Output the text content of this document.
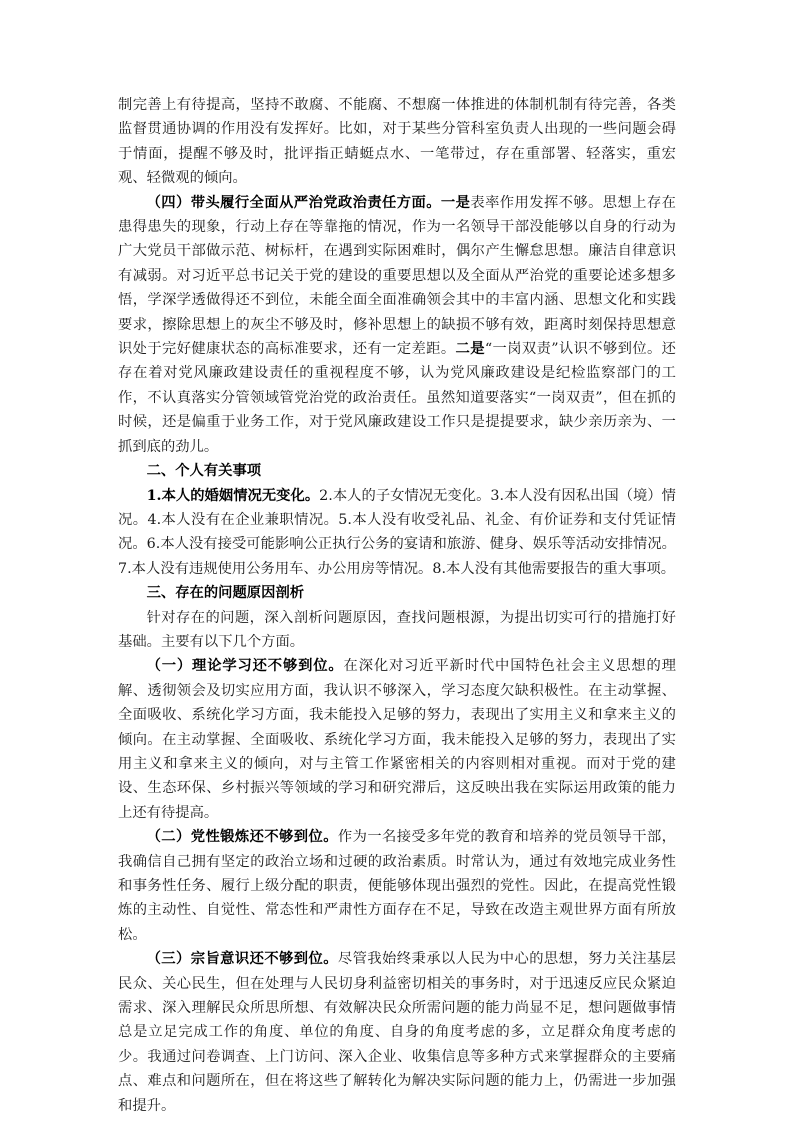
制完善上有待提高，坚持不敢腐、不能腐、不想腐一体推进的体制机制有待完善，各类监督贯通协调的作用没有发挥好。比如，对于某些分管科室负责人出现的一些问题会碍于情面，提醒不够及时，批评指正蜻蜓点水、一笔带过，存在重部署、轻落实，重宏观、轻微观的倾向。

（四）带头履行全面从严治党政治责任方面。一是表率作用发挥不够。思想上存在患得患失的现象，行动上存在等靠拖的情况，作为一名领导干部没能够以自身的行动为广大党员干部做示范、树标杆，在遇到实际困难时，偶尔产生懈怠思想。廉洁自律意识有减弱。对习近平总书记关于党的建设的重要思想以及全面从严治党的重要论述多想多悟，学深学透做得还不到位，未能全面全面准确领会其中的丰富内涵、思想文化和实践要求，擦除思想上的灰尘不够及时，修补思想上的缺损不够有效，距离时刻保持思想意识处于完好健康状态的高标准要求，还有一定差距。二是“一岗双责”认识不够到位。还存在着对党风廉政建设责任的重视程度不够，认为党风廉政建设是纪检监察部门的工作，不认真落实分管领域管党治党的政治责任。虽然知道要落实“一岗双责”，但在抓的时候，还是偏重于业务工作，对于党风廉政建设工作只是提提要求，缺少亲历亲为、一抓到底的劲儿。

二、个人有关事项

1.本人的婚姻情况无变化。2.本人的子女情况无变化。3.本人没有因私出国（境）情况。4.本人没有在企业兼职情况。5.本人没有收受礼品、礼金、有价证券和支付凭证情况。6.本人没有接受可能影响公正执行公务的宴请和旅游、健身、娱乐等活动安排情况。7.本人没有违规使用公务用车、办公用房等情况。8.本人没有其他需要报告的重大事项。

三、存在的问题原因剖析

针对存在的问题，深入剖析问题原因，查找问题根源，为提出切实可行的措施打好基础。主要有以下几个方面。

（一）理论学习还不够到位。在深化对习近平新时代中国特色社会主义思想的理解、透彻领会及切实应用方面，我认识不够深入，学习态度欠缺积极性。在主动掌握、全面吸收、系统化学习方面，我未能投入足够的努力，表现出了实用主义和拿来主义的倾向。在主动掌握、全面吸收、系统化学习方面，我未能投入足够的努力，表现出了实用主义和拿来主义的倾向，对与主管工作紧密相关的内容则相对重视。而对于党的建设、生态环保、乡村振兴等领域的学习和研究滞后，这反映出我在实际运用政策的能力上还有待提高。

（二）党性锻炼还不够到位。作为一名接受多年党的教育和培养的党员领导干部，我确信自己拥有坚定的政治立场和过硬的政治素质。时常认为，通过有效地完成业务性和事务性任务、履行上级分配的职责，便能够体现出强烈的党性。因此，在提高党性锻炼的主动性、自觉性、常态性和严肃性方面存在不足，导致在改造主观世界方面有所放松。

（三）宗旨意识还不够到位。尽管我始终秉承以人民为中心的思想，努力关注基层民众、关心民生，但在处理与人民切身利益密切相关的事务时，对于迅速反应民众紧迫需求、深入理解民众所思所想、有效解决民众所需问题的能力尚显不足，想问题做事情总是立足完成工作的角度、单位的角度、自身的角度考虑的多，立足群众角度考虑的少。我通过问卷调查、上门访问、深入企业、收集信息等多种方式来掌握群众的主要痛点、难点和问题所在，但在将这些了解转化为解决实际问题的能力上，仍需进一步加强和提升。
